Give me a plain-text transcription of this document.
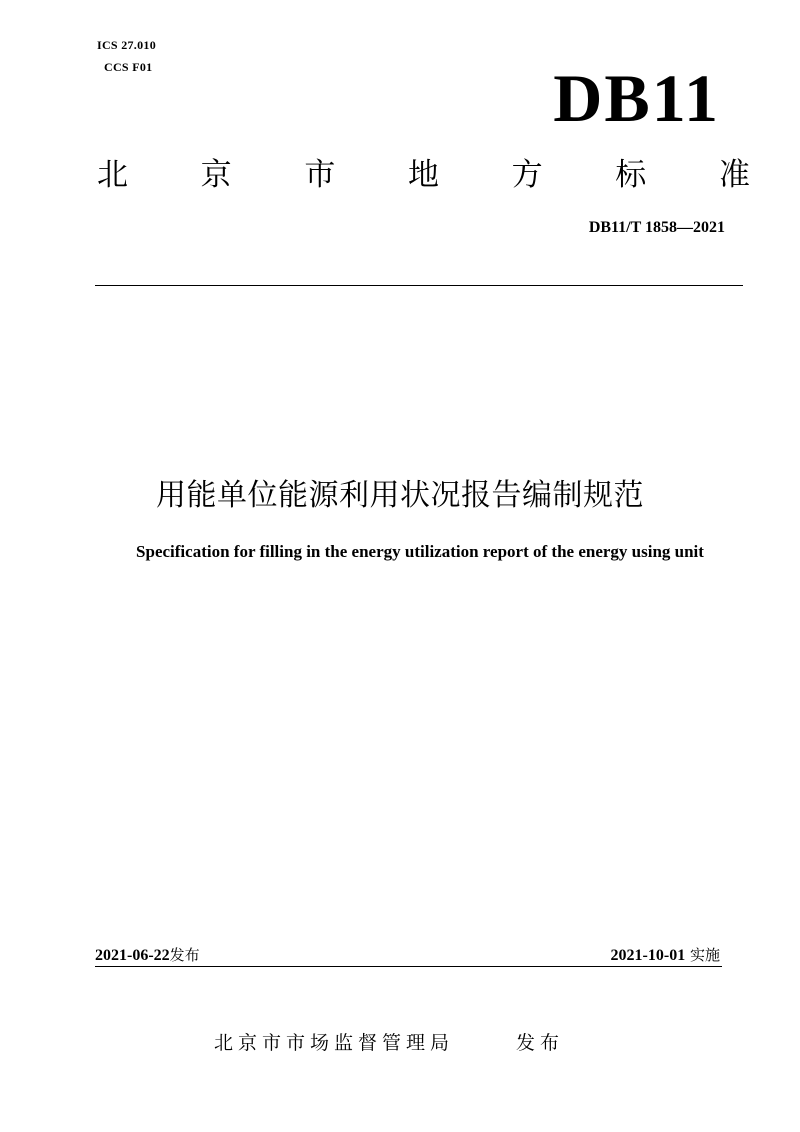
ICS 27.010
CCS F01	DB11
北 京 市 地 方 标 准
DB11/T 1858—2021
用能单位能源利用状况报告编制规范
Specification for filling in the energy utilization report of the energy using unit
2021-06-22发布	2021-10-01 实施
北京市市场监督管理局	发布
